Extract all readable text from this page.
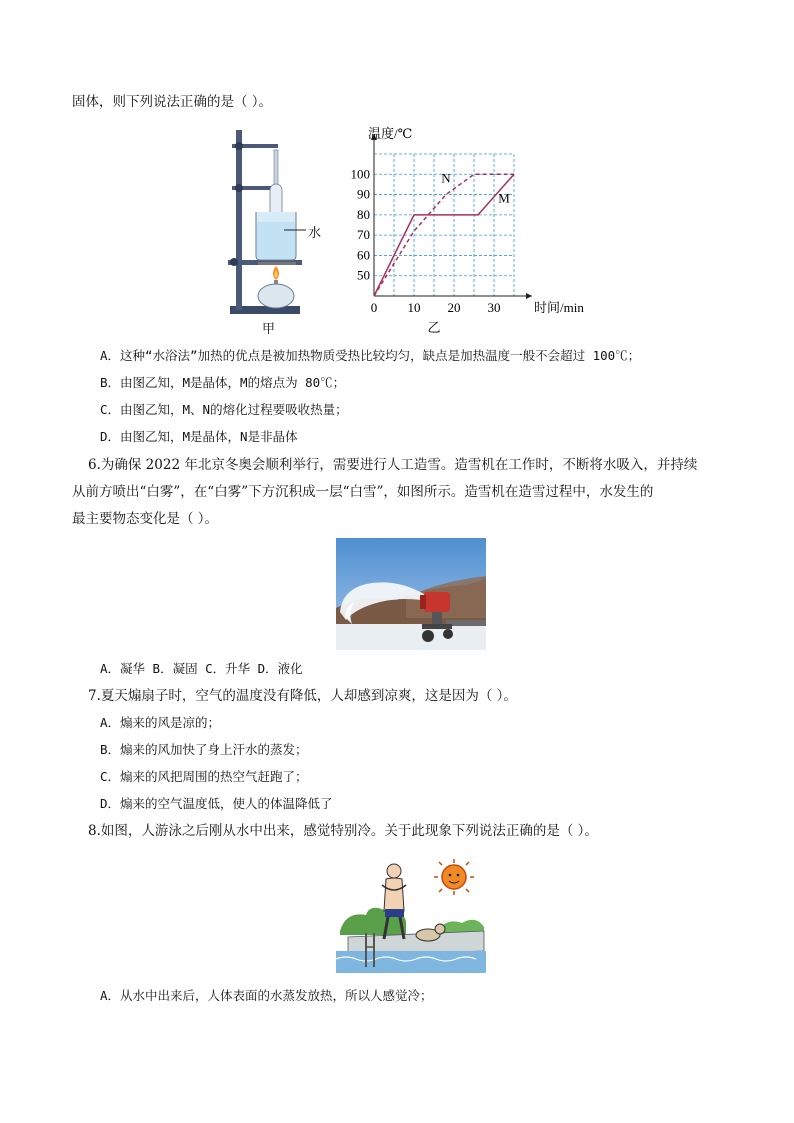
固体，则下列说法正确的是（ ）。
水
甲
0 10 20 30
50
60
70
80
90
100
温度/℃
时间/min
乙
N
M
A．这种“水浴法”加热的优点是被加热物质受热比较均匀，缺点是加热温度一般不会超过 100℃；
B．由图乙知，M是晶体，M的熔点为 80℃；
C．由图乙知，M、N的熔化过程要吸收热量；
D．由图乙知，M是晶体，N是非晶体
6.为确保 2022 年北京冬奥会顺利举行，需要进行人工造雪。造雪机在工作时，不断将水吸入，并持续
从前方喷出“白雾”，在“白雾”下方沉积成一层“白雪”，如图所示。造雪机在造雪过程中，水发生的
最主要物态变化是（ ）。
A．凝华 B．凝固 C．升华 D．液化
7.夏天煽扇子时，空气的温度没有降低，人却感到凉爽，这是因为（ ）。
A．煽来的风是凉的；
B．煽来的风加快了身上汗水的蒸发；
C．煽来的风把周围的热空气赶跑了；
D．煽来的空气温度低，使人的体温降低了
8.如图，人游泳之后刚从水中出来，感觉特别冷。关于此现象下列说法正确的是（ ）。
A．从水中出来后，人体表面的水蒸发放热，所以人感觉冷；
